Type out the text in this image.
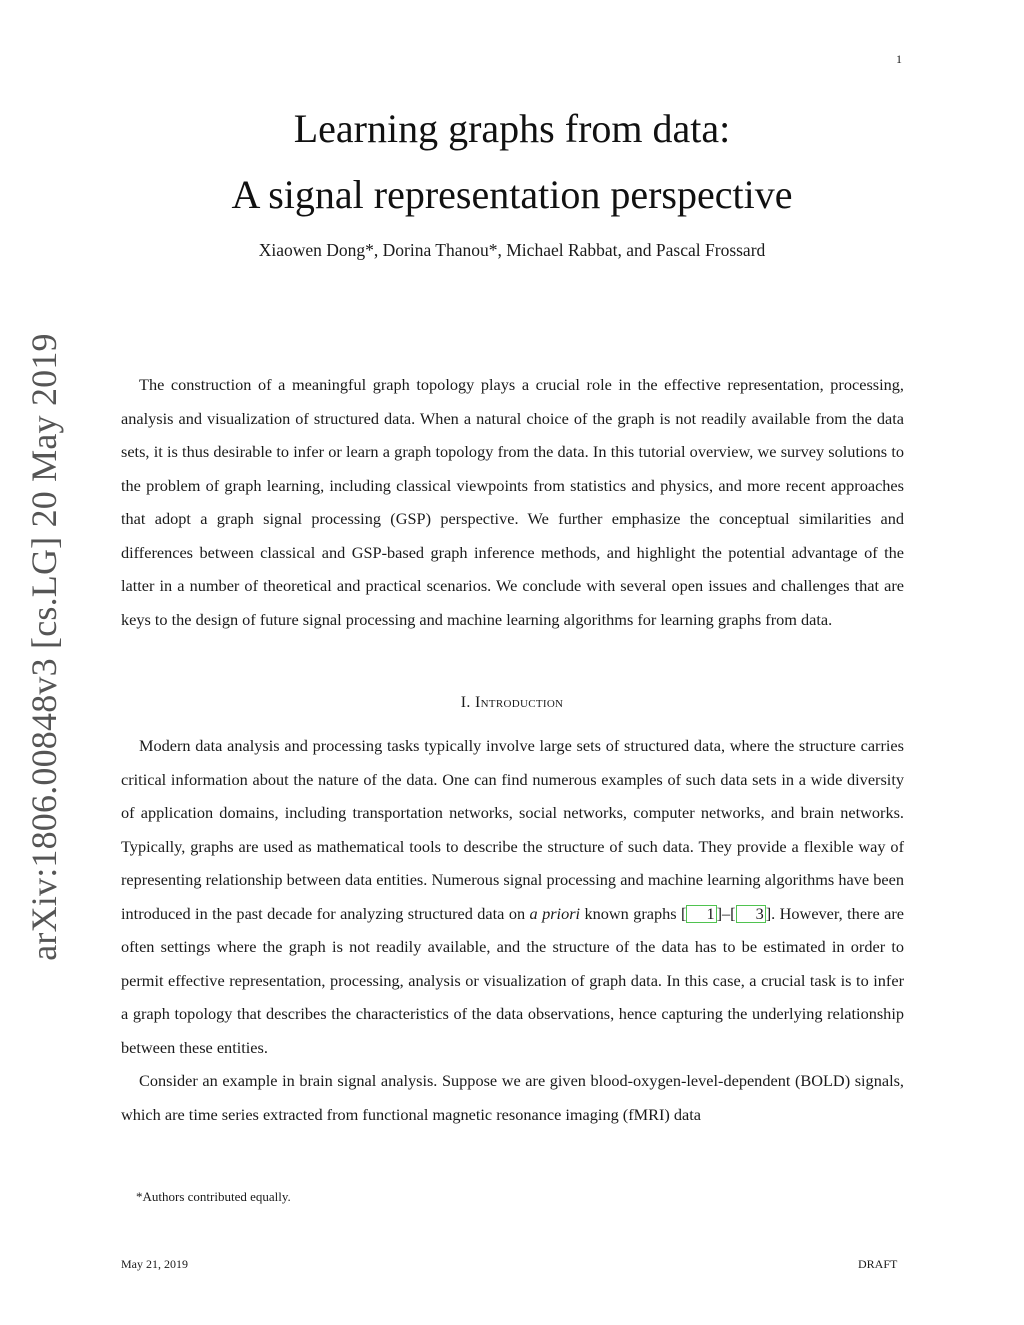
1
arXiv:1806.00848v3 [cs.LG] 20 May 2019
Learning graphs from data:
A signal representation perspective
Xiaowen Dong*, Dorina Thanou*, Michael Rabbat, and Pascal Frossard

The construction of a meaningful graph topology plays a crucial role in the effective representation, processing, analysis and visualization of structured data. When a natural choice of the graph is not readily available from the data sets, it is thus desirable to infer or learn a graph topology from the data. In this tutorial overview, we survey solutions to the problem of graph learning, including classical viewpoints from statistics and physics, and more recent approaches that adopt a graph signal processing (GSP) perspective. We further emphasize the conceptual similarities and differences between classical and GSP-based graph inference methods, and highlight the potential advantage of the latter in a number of theoretical and practical scenarios. We conclude with several open issues and challenges that are keys to the design of future signal processing and machine learning algorithms for learning graphs from data.

I. Introduction

Modern data analysis and processing tasks typically involve large sets of structured data, where the structure carries critical information about the nature of the data. One can find numerous examples of such data sets in a wide diversity of application domains, including transportation networks, social networks, computer networks, and brain networks. Typically, graphs are used as mathematical tools to describe the structure of such data. They provide a flexible way of representing relationship between data entities. Numerous signal processing and machine learning algorithms have been introduced in the past decade for analyzing structured data on a priori known graphs [ 1 ]–[ 3 ]. However, there are often settings where the graph is not readily available, and the structure of the data has to be estimated in order to permit effective representation, processing, analysis or visualization of graph data. In this case, a crucial task is to infer a graph topology that describes the characteristics of the data observations, hence capturing the underlying relationship between these entities.

Consider an example in brain signal analysis. Suppose we are given blood-oxygen-level-dependent (BOLD) signals, which are time series extracted from functional magnetic resonance imaging (fMRI) data

*Authors contributed equally.
May 21, 2019	DRAFT
